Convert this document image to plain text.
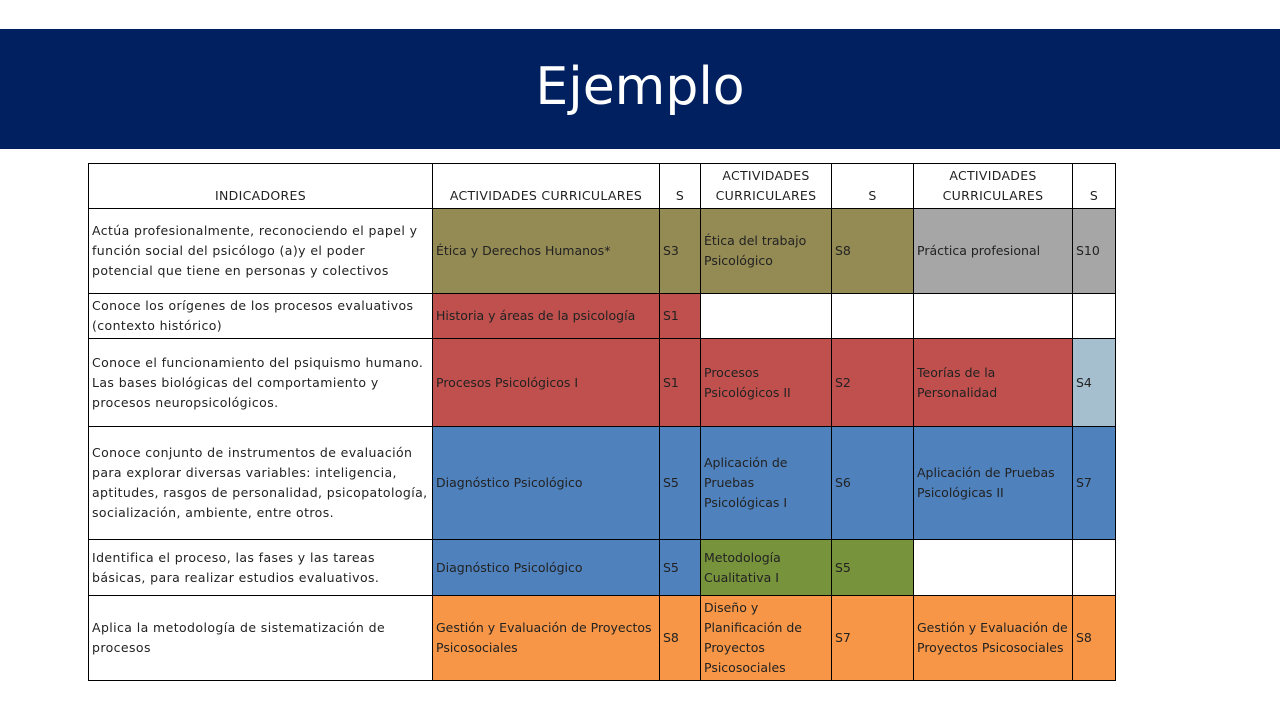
Ejemplo
INDICADORES	ACTIVIDADES CURRICULARES	S	ACTIVIDADES CURRICULARES	S	ACTIVIDADES CURRICULARES	S
Actúa profesionalmente, reconociendo el papel y función social del psicólogo (a)y el poder potencial que tiene en personas y colectivos	Ética y Derechos Humanos*	S3	Ética del trabajo Psicológico	S8	Práctica profesional	S10
Conoce los orígenes de los procesos evaluativos (contexto histórico)	Historia y áreas de la psicología	S1				
Conoce el funcionamiento del psiquismo humano. Las bases biológicas del comportamiento y procesos neuropsicológicos.	Procesos Psicológicos I	S1	Procesos Psicológicos II	S2	Teorías de la Personalidad	S4
Conoce conjunto de instrumentos de evaluación para explorar diversas variables: inteligencia, aptitudes, rasgos de personalidad, psicopatología, socialización, ambiente, entre otros.	Diagnóstico Psicológico	S5	Aplicación de Pruebas Psicológicas I	S6	Aplicación de Pruebas Psicológicas II	S7
Identifica el proceso, las fases y las tareas básicas, para realizar estudios evaluativos.	Diagnóstico Psicológico	S5	Metodología Cualitativa I	S5		
Aplica la metodología de sistematización de procesos	Gestión y Evaluación de Proyectos Psicosociales	S8	Diseño y Planificación de Proyectos Psicosociales	S7	Gestión y Evaluación de Proyectos Psicosociales	S8
